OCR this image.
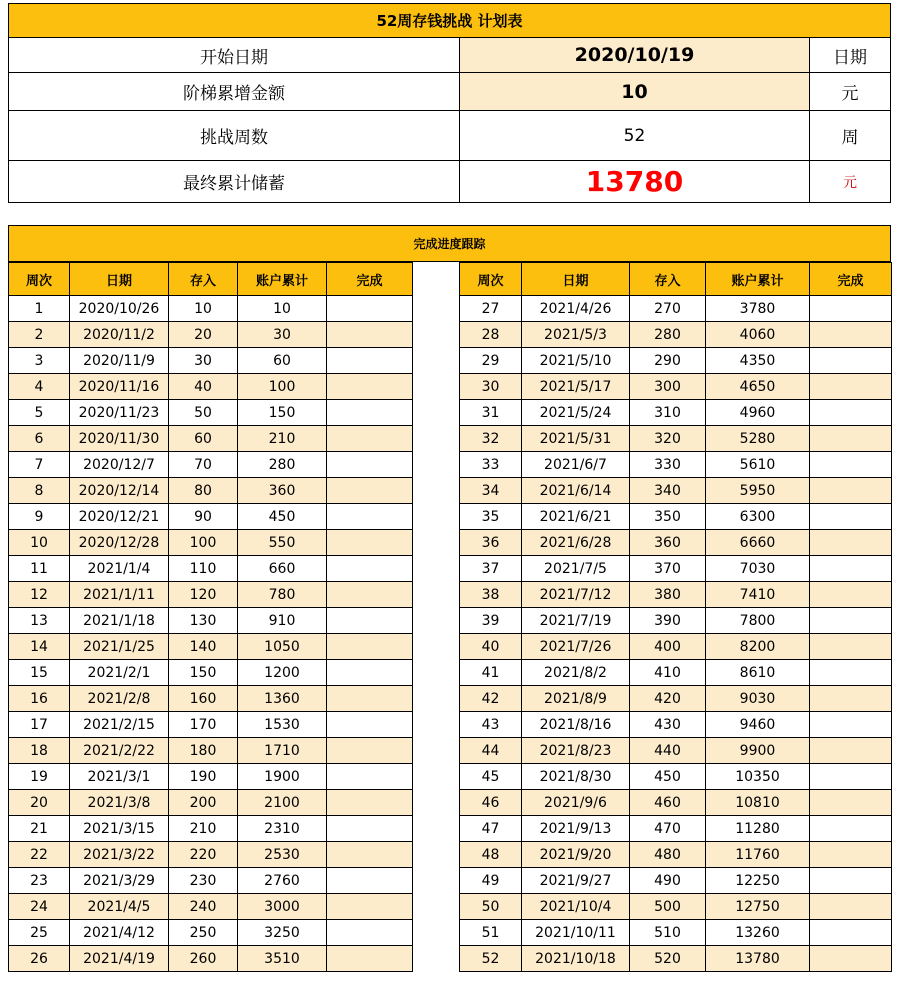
52周存钱挑战 计划表
开始日期	2020/10/19	日期
阶梯累增金额	10	元
挑战周数	52	周
最终累计储蓄	13780	元
完成进度跟踪
周次	日期	存入	账户累计	完成
1	2020/10/26	10	10	
2	2020/11/2	20	30	
3	2020/11/9	30	60	
4	2020/11/16	40	100	
5	2020/11/23	50	150	
6	2020/11/30	60	210	
7	2020/12/7	70	280	
8	2020/12/14	80	360	
9	2020/12/21	90	450	
10	2020/12/28	100	550	
11	2021/1/4	110	660	
12	2021/1/11	120	780	
13	2021/1/18	130	910	
14	2021/1/25	140	1050	
15	2021/2/1	150	1200	
16	2021/2/8	160	1360	
17	2021/2/15	170	1530	
18	2021/2/22	180	1710	
19	2021/3/1	190	1900	
20	2021/3/8	200	2100	
21	2021/3/15	210	2310	
22	2021/3/22	220	2530	
23	2021/3/29	230	2760	
24	2021/4/5	240	3000	
25	2021/4/12	250	3250	
26	2021/4/19	260	3510	
周次	日期	存入	账户累计	完成
27	2021/4/26	270	3780	
28	2021/5/3	280	4060	
29	2021/5/10	290	4350	
30	2021/5/17	300	4650	
31	2021/5/24	310	4960	
32	2021/5/31	320	5280	
33	2021/6/7	330	5610	
34	2021/6/14	340	5950	
35	2021/6/21	350	6300	
36	2021/6/28	360	6660	
37	2021/7/5	370	7030	
38	2021/7/12	380	7410	
39	2021/7/19	390	7800	
40	2021/7/26	400	8200	
41	2021/8/2	410	8610	
42	2021/8/9	420	9030	
43	2021/8/16	430	9460	
44	2021/8/23	440	9900	
45	2021/8/30	450	10350	
46	2021/9/6	460	10810	
47	2021/9/13	470	11280	
48	2021/9/20	480	11760	
49	2021/9/27	490	12250	
50	2021/10/4	500	12750	
51	2021/10/11	510	13260	
52	2021/10/18	520	13780	
